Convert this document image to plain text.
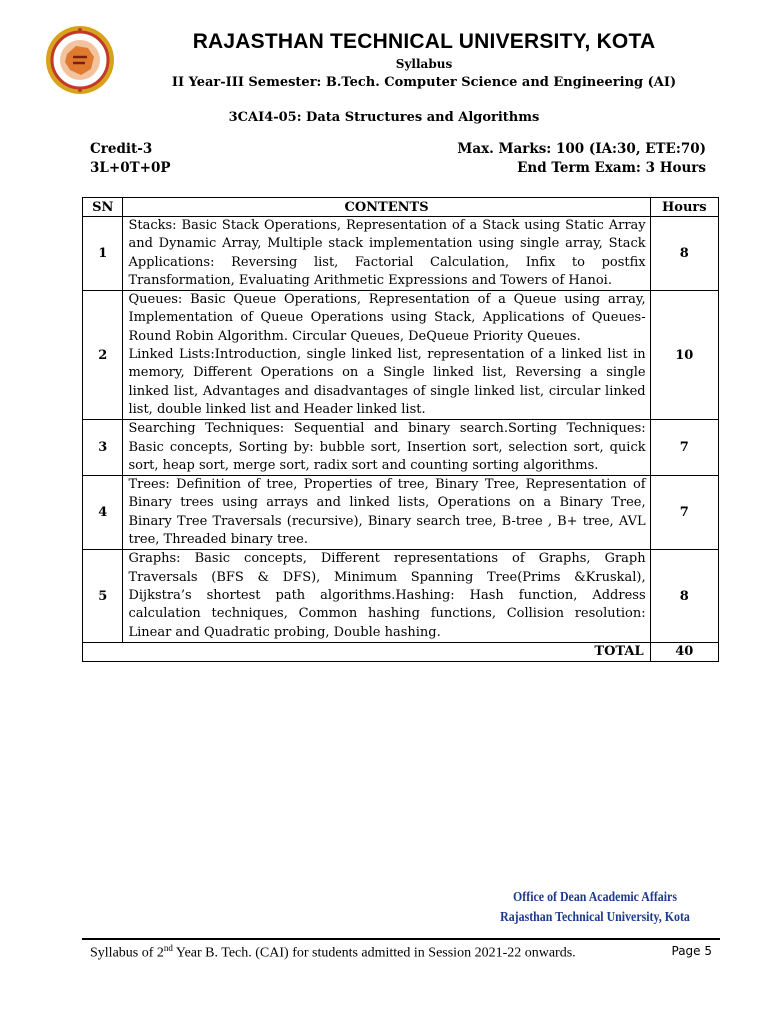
RAJASTHAN TECHNICAL UNIVERSITY, KOTA
Syllabus
II Year-III Semester: B.Tech. Computer Science and Engineering (AI)
3CAI4-05: Data Structures and Algorithms
Credit-3
3L+0T+0P
Max. Marks: 100 (IA:30, ETE:70)
End Term Exam: 3 Hours
SN	CONTENTS	Hours
1	Stacks: Basic Stack Operations, Representation of a Stack using Static Array and Dynamic Array, Multiple stack implementation using single array, Stack Applications: Reversing list, Factorial Calculation, Infix to postfix Transformation, Evaluating Arithmetic Expressions and Towers of Hanoi.	8
2	Queues: Basic Queue Operations, Representation of a Queue using array, Implementation of Queue Operations using Stack, Applications of Queues- Round Robin Algorithm. Circular Queues, DeQueue Priority Queues.
Linked Lists:Introduction, single linked list, representation of a linked list in memory, Different Operations on a Single linked list, Reversing a single linked list, Advantages and disadvantages of single linked list, circular linked list, double linked list and Header linked list.	10
3	Searching Techniques: Sequential and binary search.Sorting Techniques: Basic concepts, Sorting by: bubble sort, Insertion sort, selection sort, quick sort, heap sort, merge sort, radix sort and counting sorting algorithms.	7
4	Trees: Definition of tree, Properties of tree, Binary Tree, Representation of Binary trees using arrays and linked lists, Operations on a Binary Tree, Binary Tree Traversals (recursive), Binary search tree, B-tree , B+ tree, AVL tree, Threaded binary tree.	7
5	Graphs: Basic concepts, Different representations of Graphs, Graph Traversals (BFS & DFS), Minimum Spanning Tree(Prims &Kruskal), Dijkstra’s shortest path algorithms.Hashing: Hash function, Address calculation techniques, Common hashing functions, Collision resolution: Linear and Quadratic probing, Double hashing.	8
TOTAL		40
Office of Dean Academic Affairs
Rajasthan Technical University, Kota
Syllabus of 2nd Year B. Tech. (CAI) for students admitted in Session 2021-22 onwards.	Page 5
